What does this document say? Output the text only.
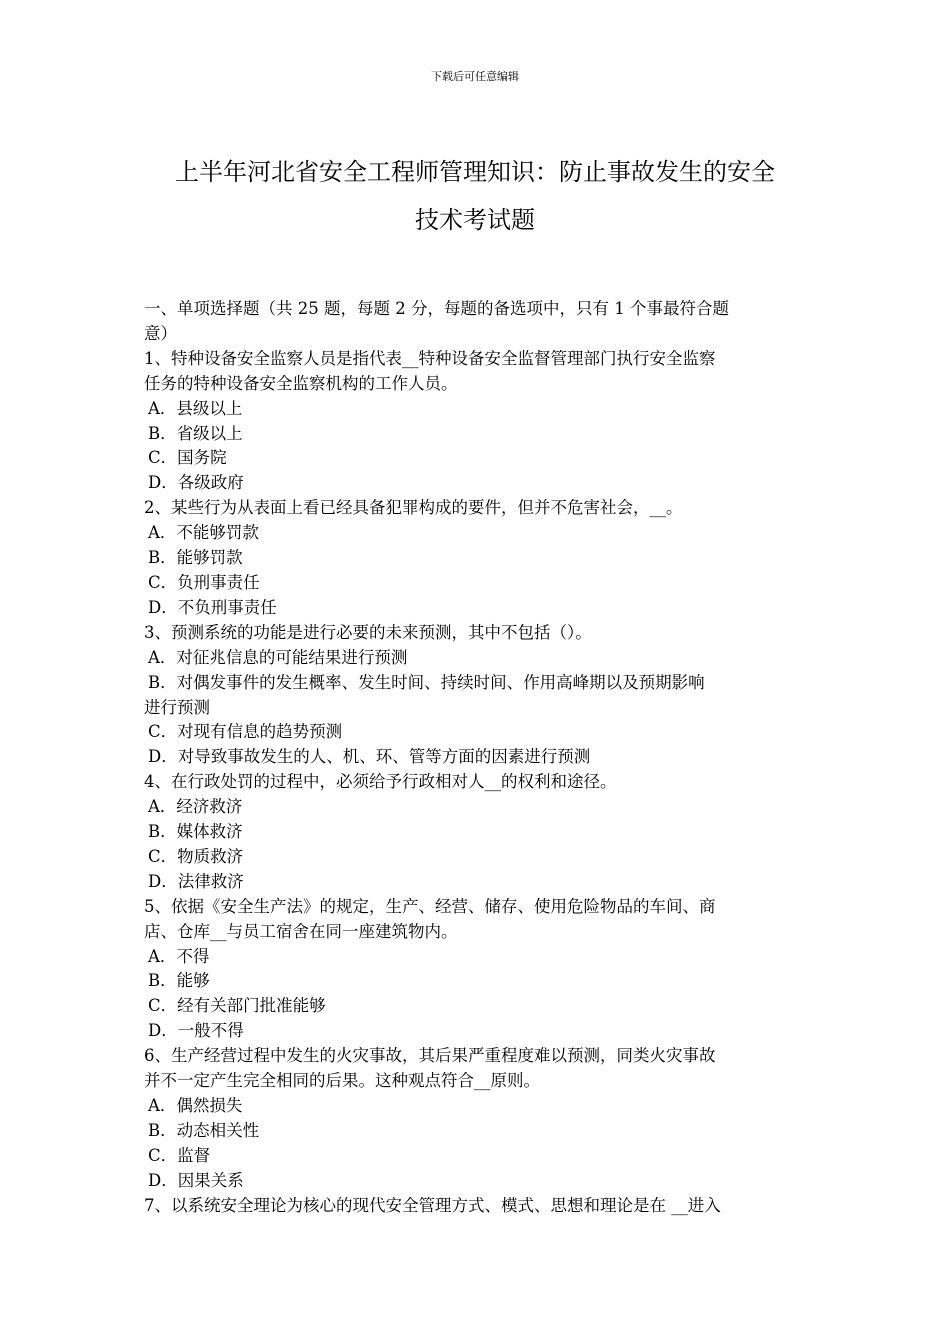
下载后可任意编辑
上半年河北省安全工程师管理知识：防止事故发生的安全
技术考试题
一、单项选择题（共 25 题，每题 2 分，每题的备选项中，只有 1 个事最符合题
意）
1、特种设备安全监察人员是指代表__特种设备安全监督管理部门执行安全监察
任务的特种设备安全监察机构的工作人员。
A．县级以上
B．省级以上
C．国务院
D．各级政府
2、某些行为从表面上看已经具备犯罪构成的要件，但并不危害社会，__。
A．不能够罚款
B．能够罚款
C．负刑事责任
D．不负刑事责任
3、预测系统的功能是进行必要的未来预测，其中不包括（）。
A．对征兆信息的可能结果进行预测
B．对偶发事件的发生概率、发生时间、持续时间、作用高峰期以及预期影响
进行预测
C．对现有信息的趋势预测
D．对导致事故发生的人、机、环、管等方面的因素进行预测
4、在行政处罚的过程中，必须给予行政相对人__的权利和途径。
A．经济救济
B．媒体救济
C．物质救济
D．法律救济
5、依据《安全生产法》的规定，生产、经营、储存、使用危险物品的车间、商
店、仓库__与员工宿舍在同一座建筑物内。
A．不得
B．能够
C．经有关部门批准能够
D．一般不得
6、生产经营过程中发生的火灾事故，其后果严重程度难以预测，同类火灾事故
并不一定产生完全相同的后果。这种观点符合__原则。
A．偶然损失
B．动态相关性
C．监督
D．因果关系
7、以系统安全理论为核心的现代安全管理方式、模式、思想和理论是在 __进入
